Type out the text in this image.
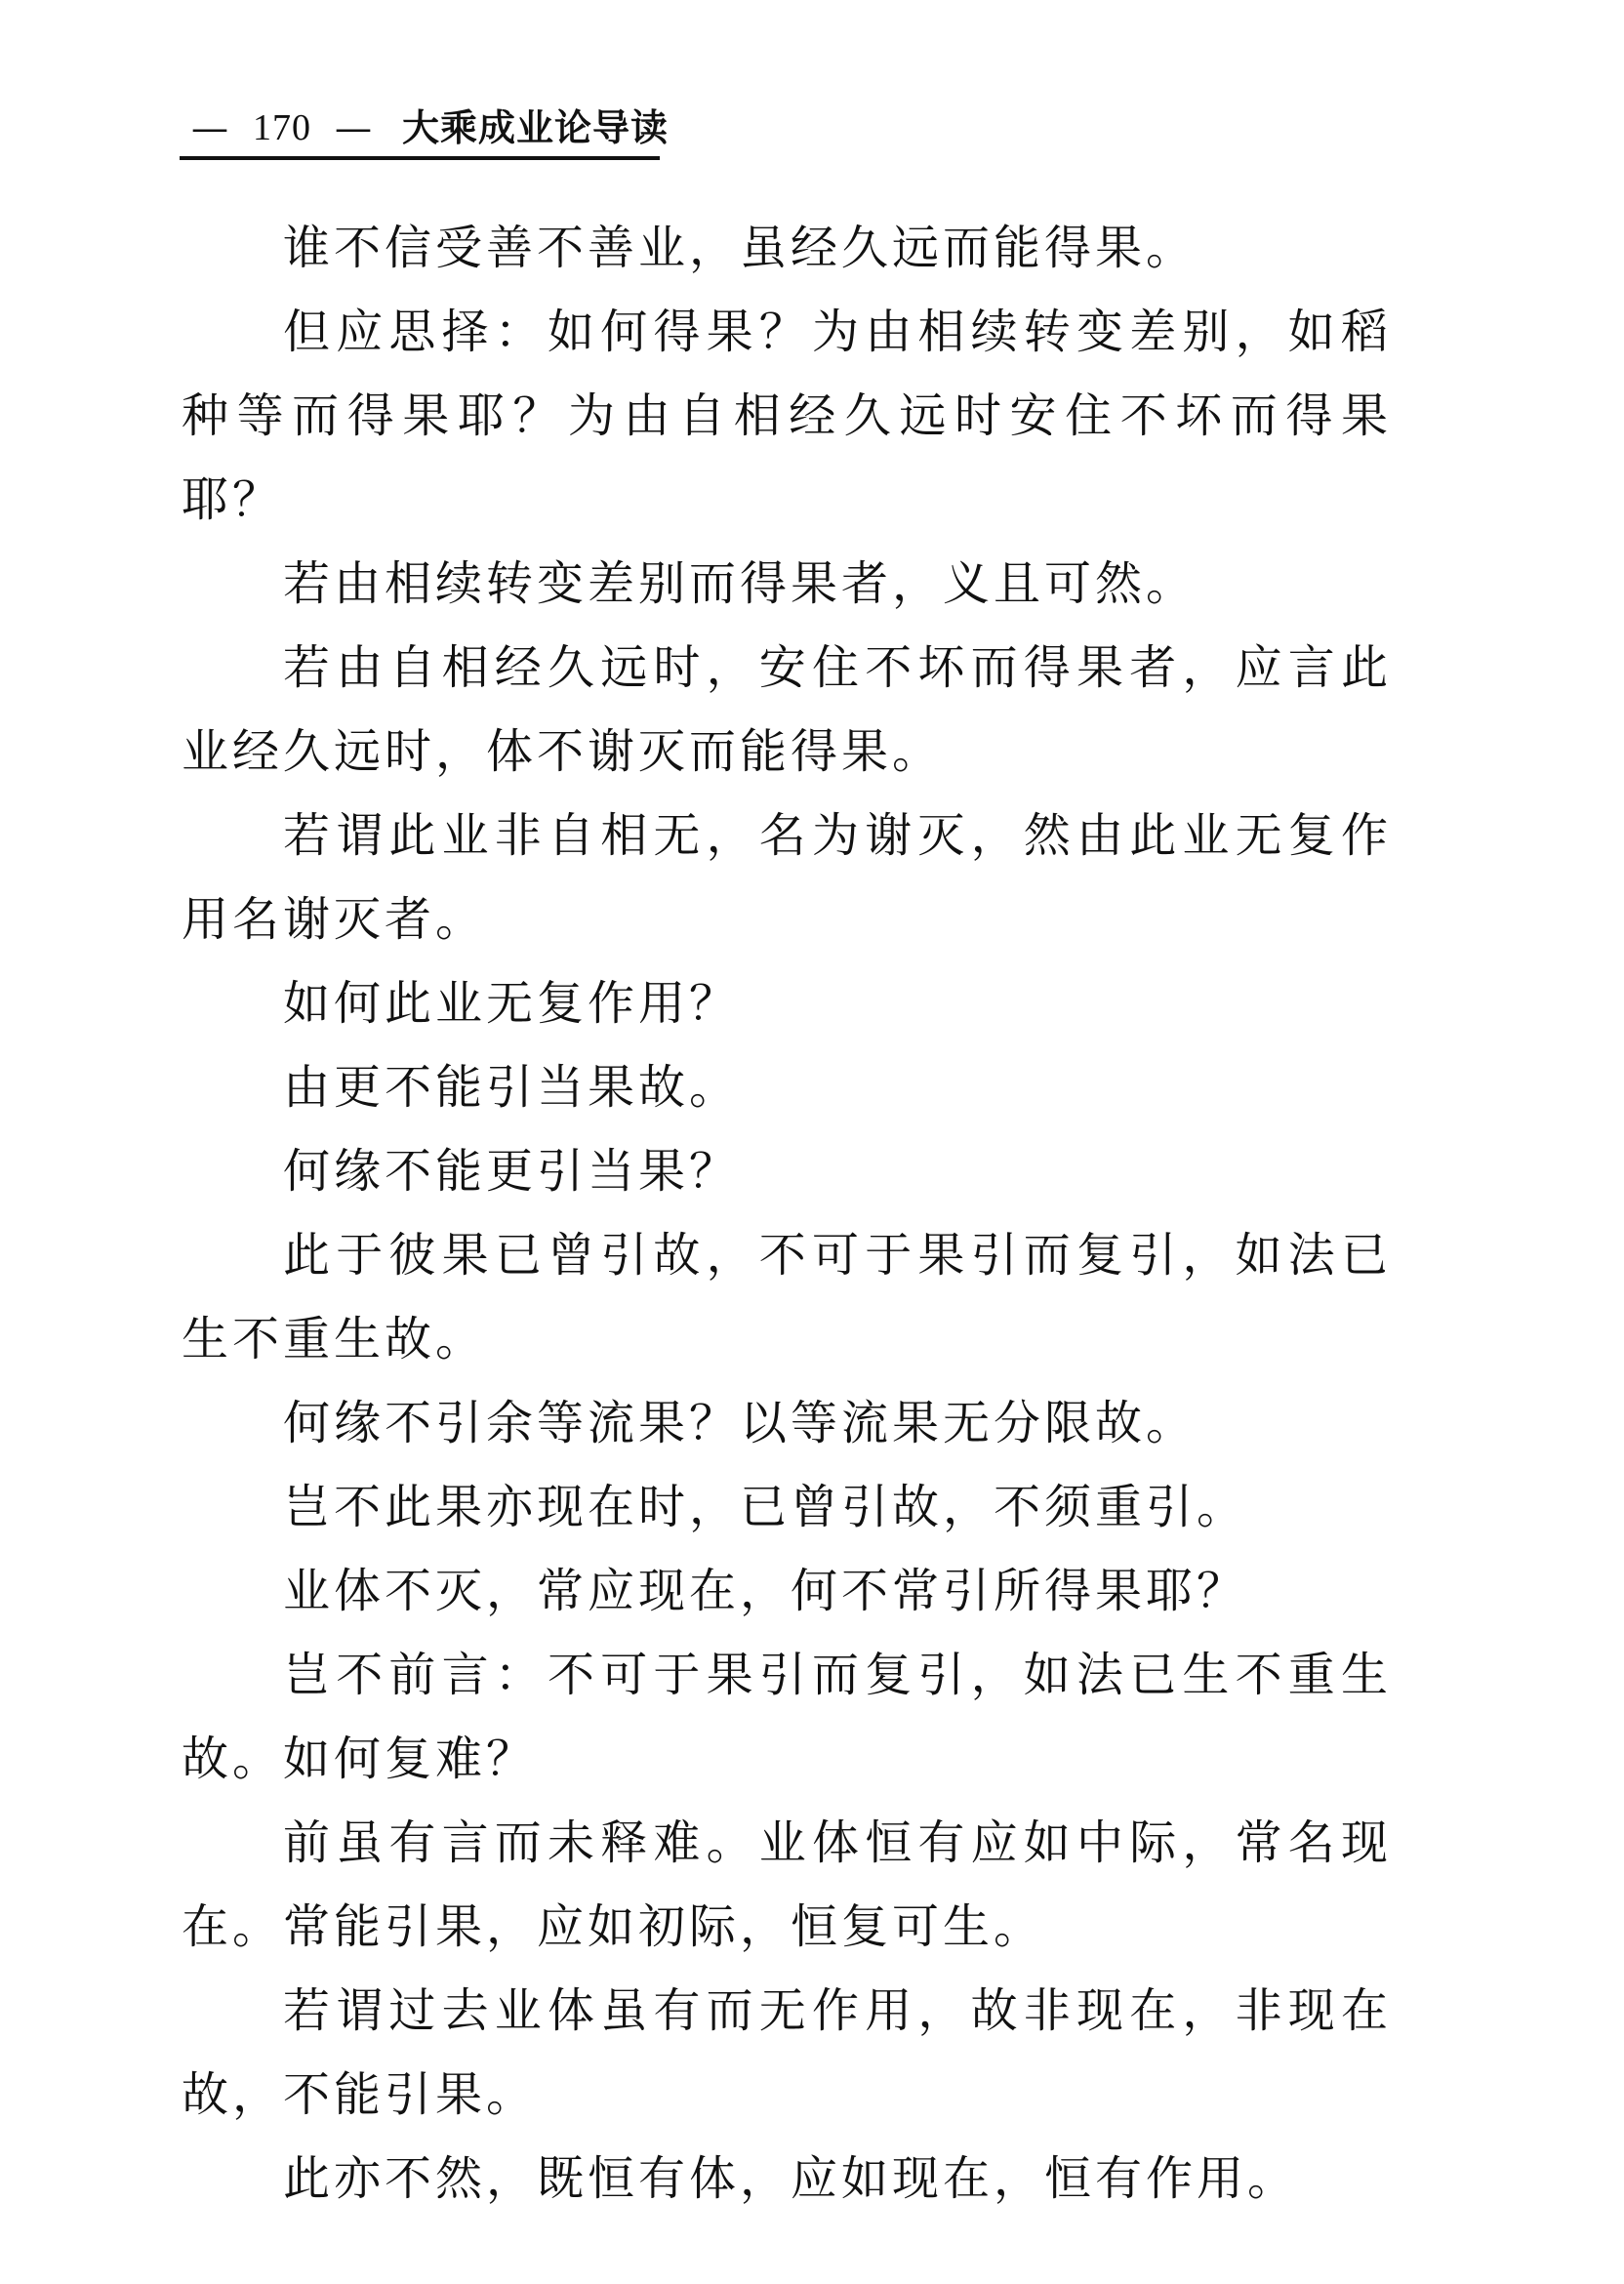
— 170 — 大乘成业论导读

谁不信受善不善业，虽经久远而能得果。

但应思择：如何得果？为由相续转变差别，如稻种等而得果耶？为由自相经久远时安住不坏而得果耶？

若由相续转变差别而得果者，义且可然。

若由自相经久远时，安住不坏而得果者，应言此业经久远时，体不谢灭而能得果。

若谓此业非自相无，名为谢灭，然由此业无复作用名谢灭者。

如何此业无复作用？

由更不能引当果故。

何缘不能更引当果？

此于彼果已曾引故，不可于果引而复引，如法已生不重生故。

何缘不引余等流果？以等流果无分限故。

岂不此果亦现在时，已曾引故，不须重引。

业体不灭，常应现在，何不常引所得果耶？

岂不前言：不可于果引而复引，如法已生不重生故。如何复难？

前虽有言而未释难。业体恒有应如中际，常名现在。常能引果，应如初际，恒复可生。

若谓过去业体虽有而无作用，故非现在，非现在故，不能引果。

此亦不然，既恒有体，应如现在，恒有作用。
